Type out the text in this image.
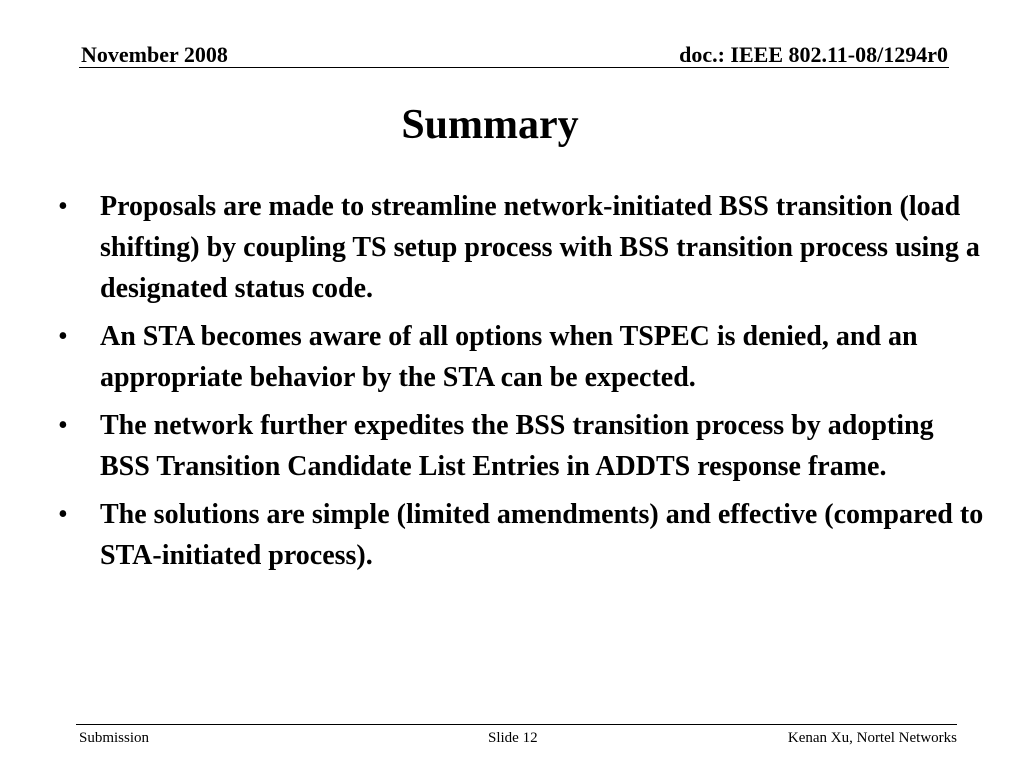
November 2008	doc.: IEEE 802.11-08/1294r0
Summary
•	Proposals are made to streamline network-initiated BSS transition (load shifting) by coupling TS setup process with BSS transition process using a designated status code.
•	An STA becomes aware of all options when TSPEC is denied, and an appropriate behavior by the STA can be expected.
•	The network further expedites the BSS transition process by adopting BSS Transition Candidate List Entries in ADDTS response frame.
•	The solutions are simple (limited amendments) and effective (compared to STA-initiated process).
Submission	Slide 12	Kenan Xu, Nortel Networks
